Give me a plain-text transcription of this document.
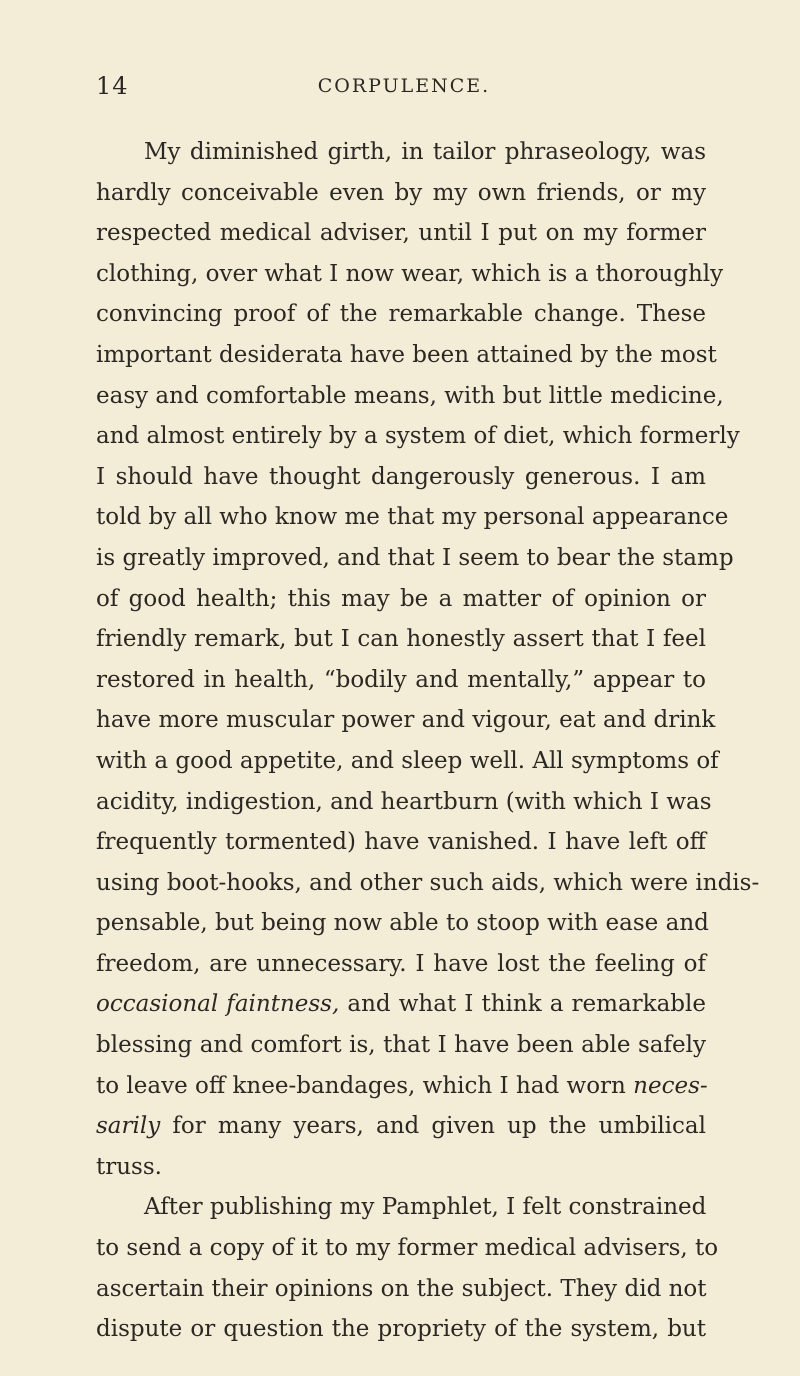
14	CORPULENCE.
My diminished girth, in tailor phraseology, was
hardly conceivable even by my own friends, or my
respected medical adviser, until I put on my former
clothing, over what I now wear, which is a thoroughly
convincing proof of the remarkable change. These
important desiderata have been attained by the most
easy and comfortable means, with but little medicine,
and almost entirely by a system of diet, which formerly
I should have thought dangerously generous. I am
told by all who know me that my personal appearance
is greatly improved, and that I seem to bear the stamp
of good health; this may be a matter of opinion or
friendly remark, but I can honestly assert that I feel
restored in health, “bodily and mentally,” appear to
have more muscular power and vigour, eat and drink
with a good appetite, and sleep well. All symptoms of
acidity, indigestion, and heartburn (with which I was
frequently tormented) have vanished. I have left off
using boot-hooks, and other such aids, which were indis-
pensable, but being now able to stoop with ease and
freedom, are unnecessary. I have lost the feeling of
occasional faintness, and what I think a remarkable
blessing and comfort is, that I have been able safely
to leave off knee-bandages, which I had worn neces-
sarily for many years, and given up the umbilical
truss.
After publishing my Pamphlet, I felt constrained
to send a copy of it to my former medical advisers, to
ascertain their opinions on the subject. They did not
dispute or question the propriety of the system, but
